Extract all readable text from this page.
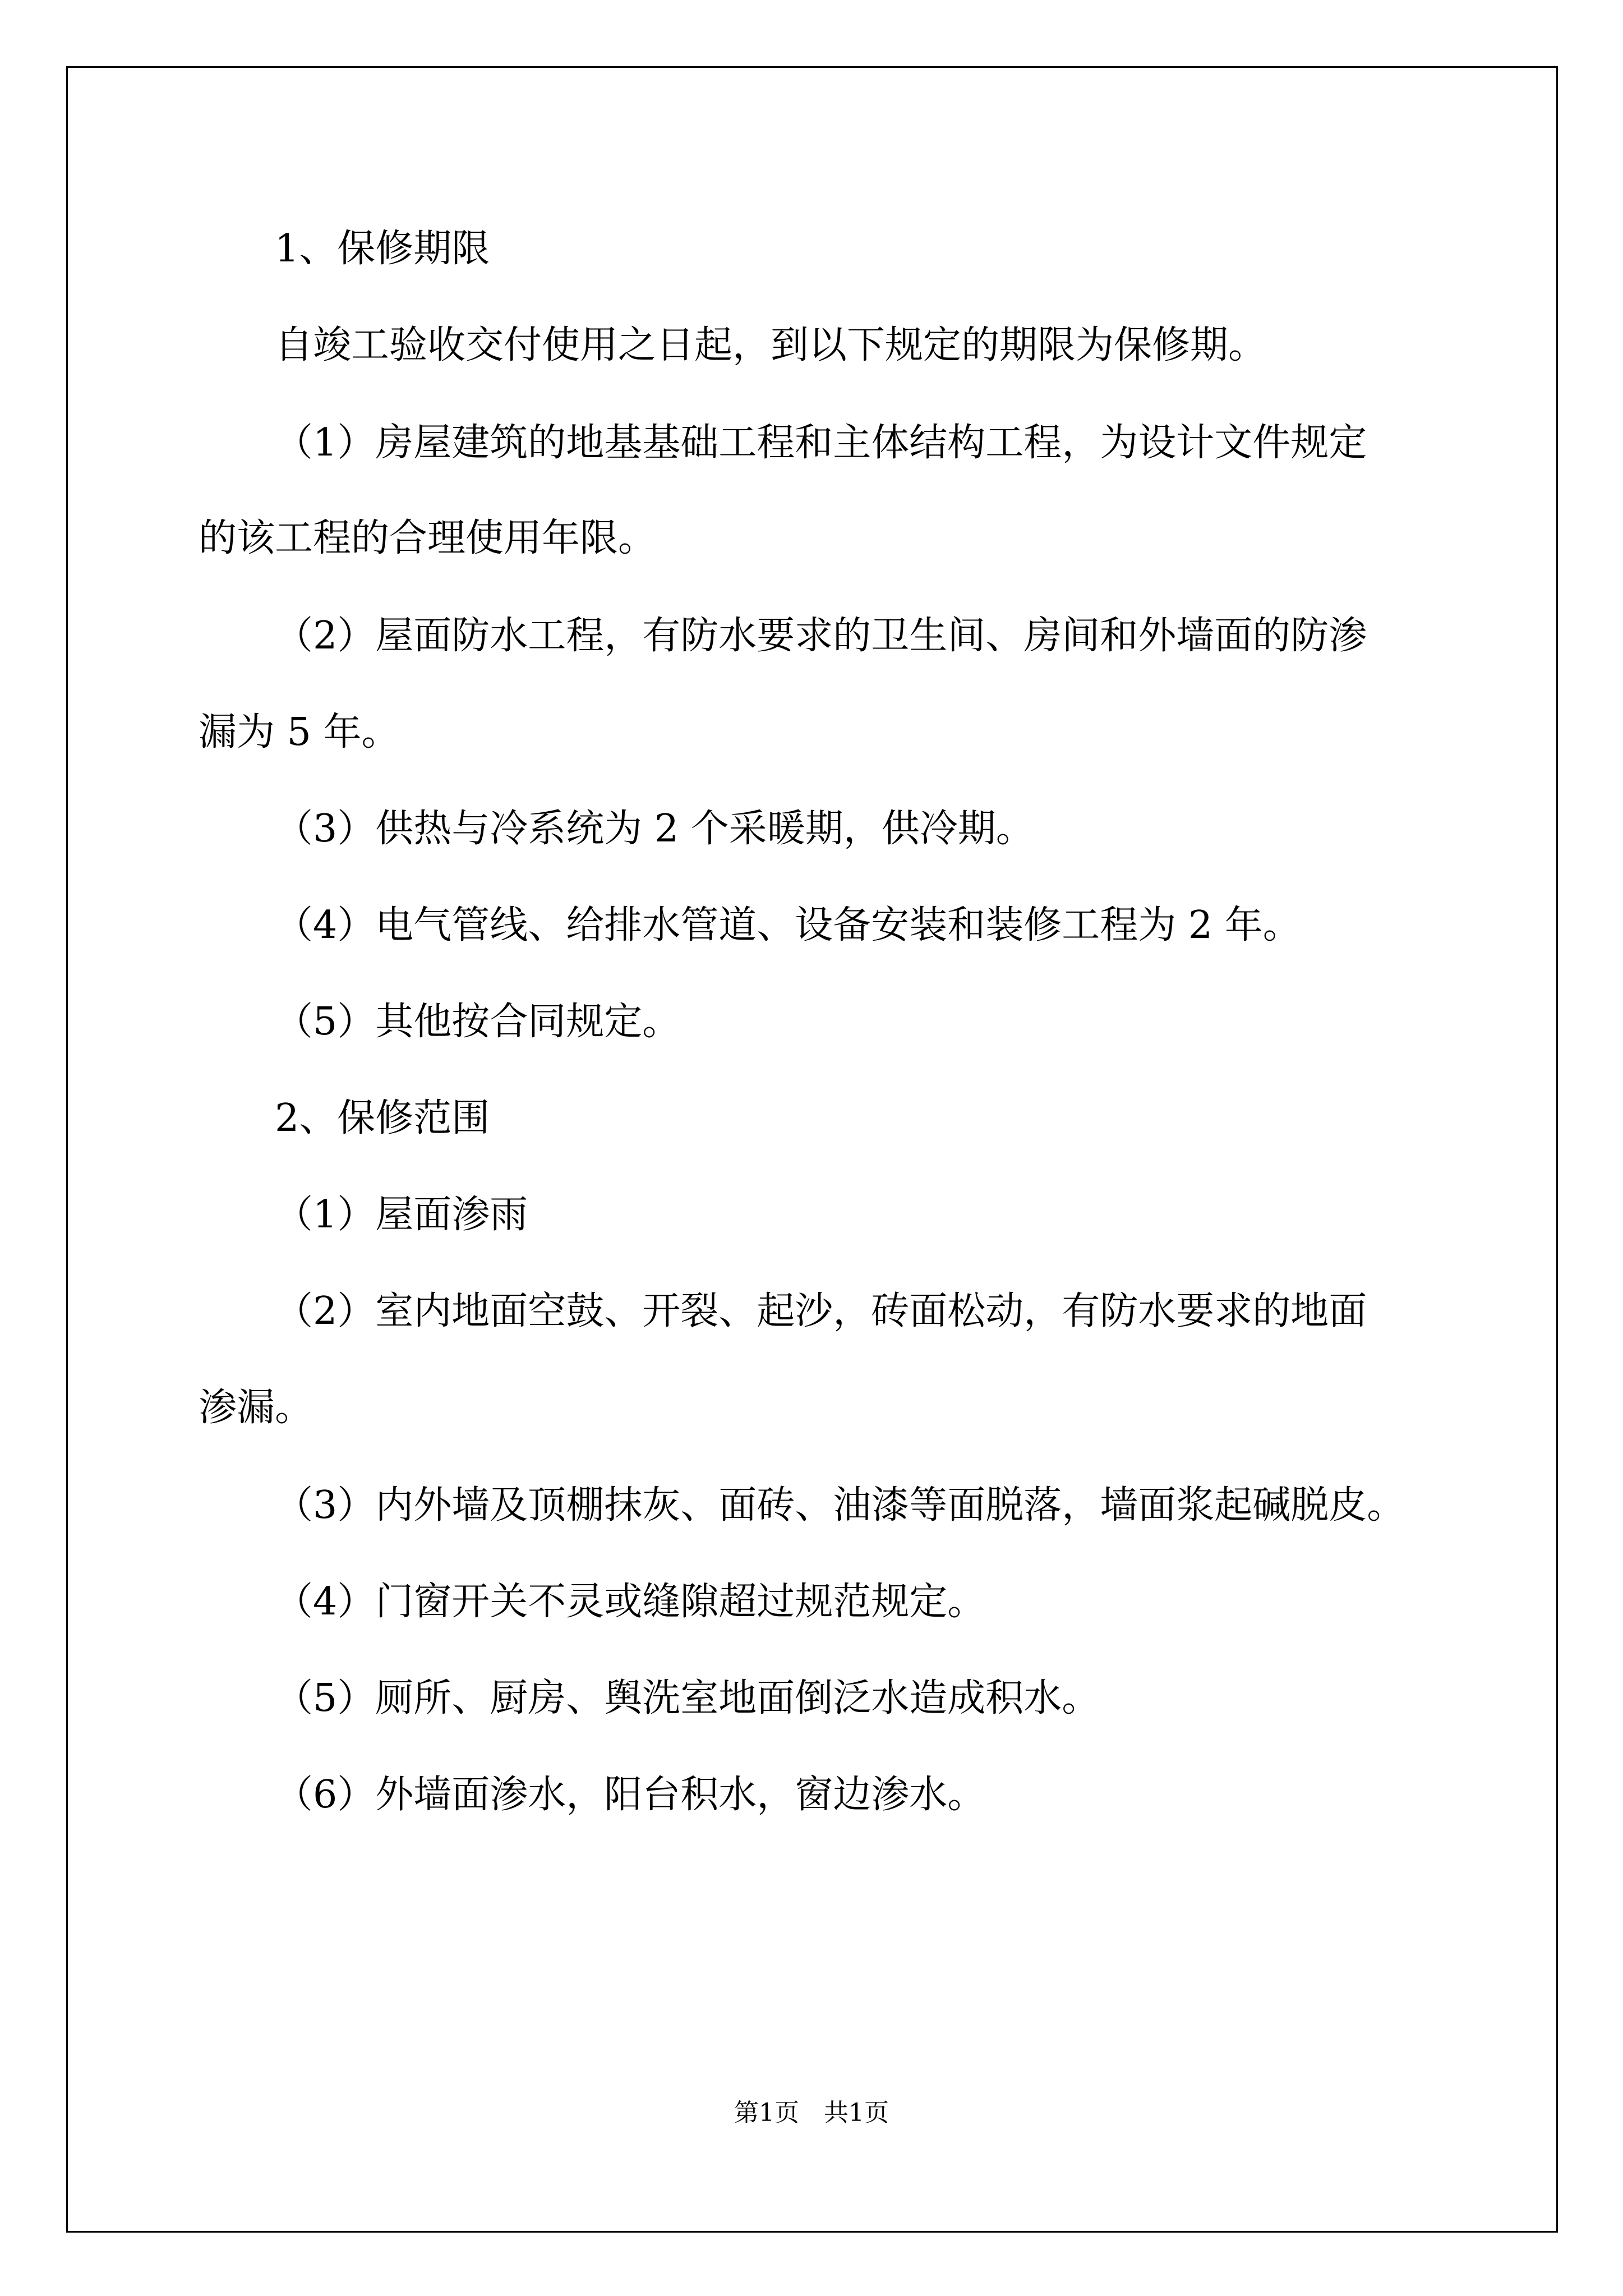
1、保修期限

自竣工验收交付使用之日起，到以下规定的期限为保修期。

（1）房屋建筑的地基基础工程和主体结构工程，为设计文件规定

的该工程的合理使用年限。

（2）屋面防水工程，有防水要求的卫生间、房间和外墙面的防渗

漏为 5 年。

（3）供热与冷系统为 2 个采暖期，供冷期。

（4）电气管线、给排水管道、设备安装和装修工程为 2 年。

（5）其他按合同规定。

2、保修范围

（1）屋面渗雨

（2）室内地面空鼓、开裂、起沙，砖面松动，有防水要求的地面

渗漏。

（3）内外墙及顶棚抹灰、面砖、油漆等面脱落，墙面浆起碱脱皮。

（4）门窗开关不灵或缝隙超过规范规定。

（5）厕所、厨房、舆洗室地面倒泛水造成积水。

（6）外墙面渗水，阳台积水，窗边渗水。

第1页　共1页
